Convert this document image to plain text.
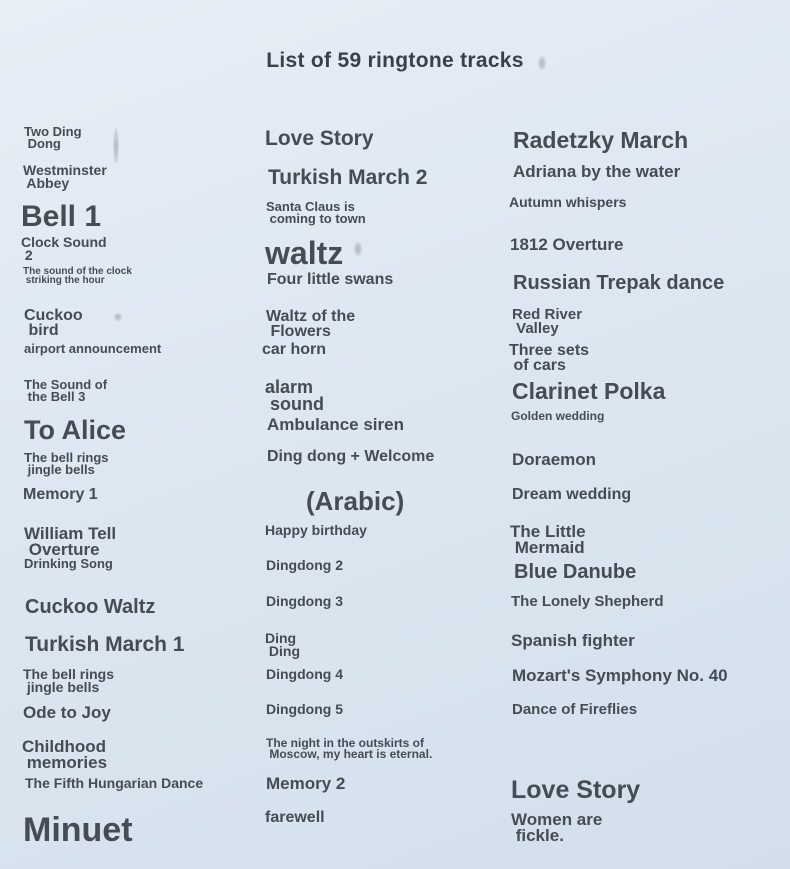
List of 59 ringtone tracks
Two Ding
Dong
Westminster
Abbey
Bell 1
Clock Sound
2
The sound of the clock
striking the hour
Cuckoo
bird
airport announcement
The Sound of
the Bell 3
To Alice
The bell rings
jingle bells
Memory 1
William Tell
Overture
Drinking Song
Cuckoo Waltz
Turkish March 1
The bell rings
jingle bells
Ode to Joy
Childhood
memories
The Fifth Hungarian Dance
Minuet
Love Story
Turkish March 2
Santa Claus is
coming to town
waltz
Four little swans
Waltz of the
Flowers
car horn
alarm
sound
Ambulance siren
Ding dong + Welcome
(Arabic)
Happy birthday
Dingdong 2
Dingdong 3
Ding
Ding
Dingdong 4
Dingdong 5
The night in the outskirts of
Moscow, my heart is eternal.
Memory 2
farewell
Radetzky March
Adriana by the water
Autumn whispers
1812 Overture
Russian Trepak dance
Red River
Valley
Three sets
of cars
Clarinet Polka
Golden wedding
Doraemon
Dream wedding
The Little
Mermaid
Blue Danube
The Lonely Shepherd
Spanish fighter
Mozart's Symphony No. 40
Dance of Fireflies
Love Story
Women are
fickle.
